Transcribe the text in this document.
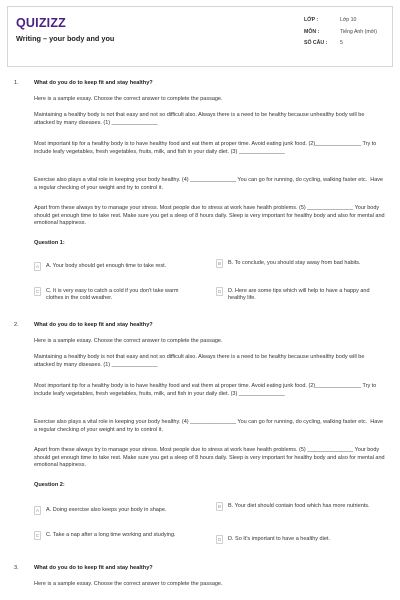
QUIZIZZ
Writing – your body and you
LỚP :	Lớp 10
MÔN :	Tiếng Anh (mới)
SỐ CÂU :	5
1.	What do you do to keep fit and stay healthy?

Here is a sample essay. Choose the correct answer to complete the passage.

Maintaining a healthy body is not that easy and not so difficult also. Always there is a need to be healthy because unhealthy body will be attacked by many diseases. (1) _______________

Most important tip for a healthy body is to have healthy food and eat them at proper time. Avoid eating junk food. (2)_______________ Try to include leafy vegetables, fresh vegetables, fruits, milk, and fish in your daily diet. (3) _______________

Exercise also plays a vital role in keeping your body healthy. (4) _______________ You can go for running, do cycling, walking faster etc.  Have a regular checking of your weight and try to control it.

Apart from these always try to manage your stress. Most people due to stress at work have health problems. (5) _______________ Your body should get enough time to take rest. Make sure you get a sleep of 8 hours daily. Sleep is very important for healthy body and also for mental and emotional happiness.

Question 1:
A	A. Your body should get enough time to take rest.	B	B. To conclude, you should stay away from bad habits.
C	C. It is very easy to catch a cold if you don't take warm clothes in the cold weather.
D	D. Here are some tips which will help to have a happy and healthy life.
2.	What do you do to keep fit and stay healthy?

Here is a sample essay. Choose the correct answer to complete the passage.

Maintaining a healthy body is not that easy and not so difficult also. Always there is a need to be healthy because unhealthy body will be attacked by many diseases. (1) _______________

Most important tip for a healthy body is to have healthy food and eat them at proper time. Avoid eating junk food. (2)_______________ Try to include leafy vegetables, fresh vegetables, fruits, milk, and fish in your daily diet. (3) _______________

Exercise also plays a vital role in keeping your body healthy. (4) _______________ You can go for running, do cycling, walking faster etc.  Have a regular checking of your weight and try to control it.

Apart from these always try to manage your stress. Most people due to stress at work have health problems. (5) _______________ Your body should get enough time to take rest. Make sure you get a sleep of 8 hours daily. Sleep is very important for healthy body and also for mental and emotional happiness.

Question 2:
A	A. Doing exercise also keeps your body in shape.	B	B. Your diet should contain food which has more nutrients.
C	C. Take a nap after a long time working and studying.
D	D. So It's important to have a healthy diet.
3.	What do you do to keep fit and stay healthy?

Here is a sample essay. Choose the correct answer to complete the passage.
